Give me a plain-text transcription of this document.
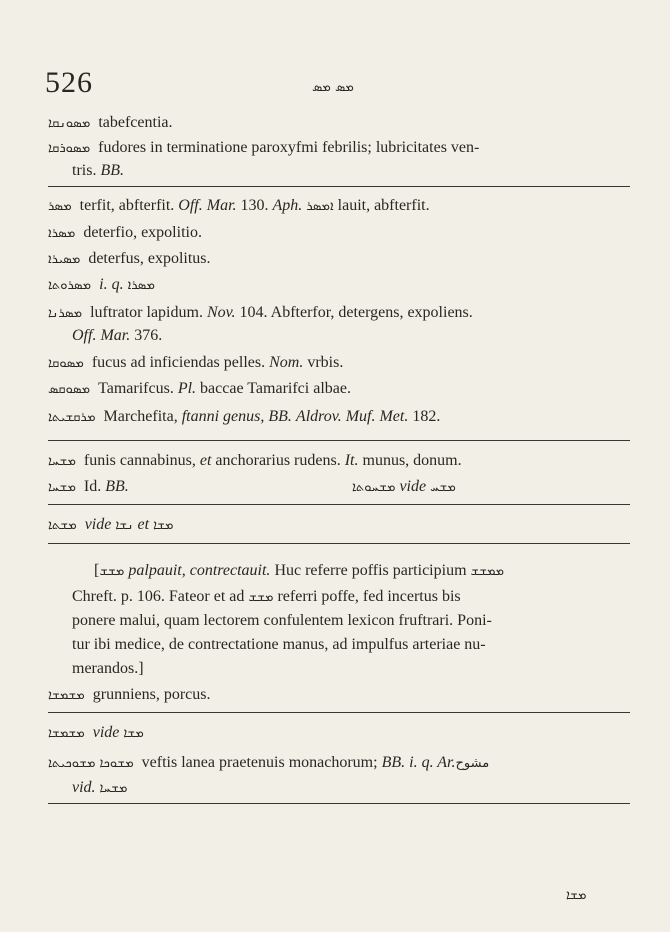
526	ܡܣ ܡܣ
ܡܣܘܢܩܐ tabefcentia.
ܡܣܘܪܩܐ fudores in terminatione paroxyfmi febrilis; lubricitates ven-
tris. BB.
ܡܣܪ terfit, abfterfit. Off. Mar. 130. Aph. ܐܡܣܪ lauit, abfterfit.
ܡܣܪܐ deterfio, expolitio.
ܡܣܝܪܐ deterfus, expolitus.
ܡܣܪܘܬܐ i. q. ܡܣܪܐ
ܡܣܪܢܐ luftrator lapidum. Nov. 104. Abfterfor, detergens, expoliens.
Off. Mar. 376.
ܡܣܘܩܐ fucus ad inficiendas pelles. Nom. vrbis.
ܡܣܘܩܣ Tamarifcus. Pl. baccae Tamarifci albae.
ܡܪܩܫܝܬܐ Marchefita, ftanni genus, BB. Aldrov. Muf. Met. 182.
ܡܫܚܐ funis cannabinus, et anchorarius rudens. It. munus, donum.
ܡܫܚܐ Id. BB.	ܡܫܚܘܬܐ vide ܡܫܚ
ܡܫܬܐ vide ܢܫܐ et ܡܫܐ
[ܡܫܫ palpauit, contrectauit. Huc referre poffis participium ܡܡܫܫ
Chreft. p. 106. Fateor et ad ܡܫܫ referri poffe, fed incertus bis
ponere malui, quam lectorem confulentem lexicon fruftrari. Poni-
tur ibi medice, de contrectatione manus, ad impulfus arteriae nu-
merandos.]
ܡܫܡܫܐ grunniens, porcus.
ܡܫܡܫܐ vide ܡܫܐ
ܡܫܘܟܝܬܐ ܡܫܘܟܐ veftis lanea praetenuis monachorum; BB. i. q. Ar.مشوح
vid. ܡܫܚܐ
ܡܫܐ
